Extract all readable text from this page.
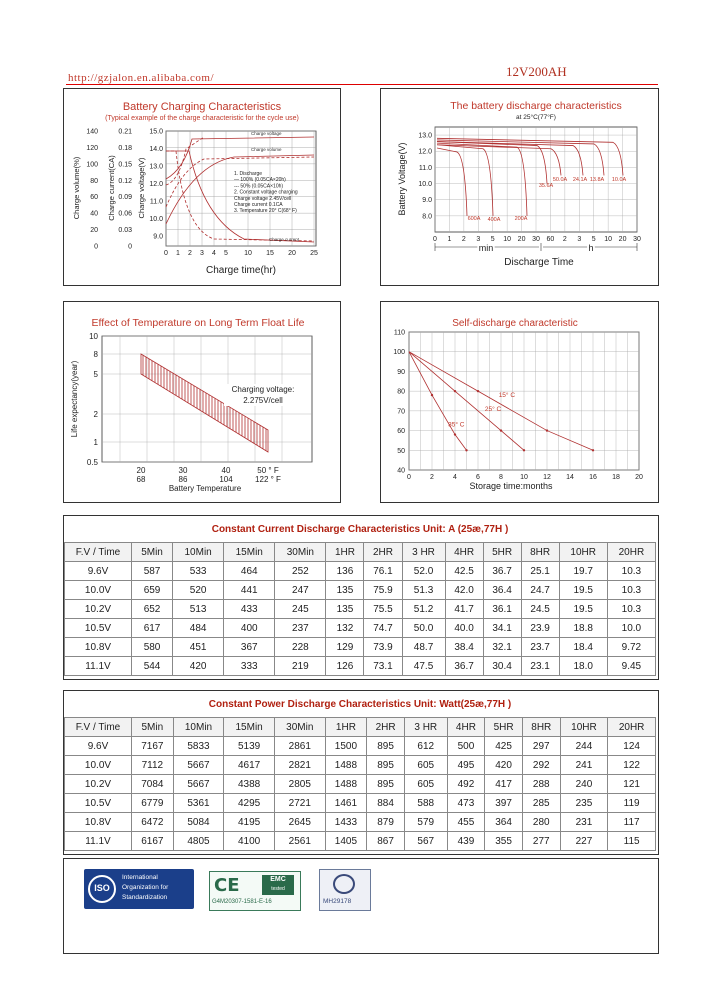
http://gzjalon.en.alibaba.com/	12V200AH
Battery Charging Characteristics
(Typical example of the charge characteristic for the cycle use)
0 1 2 3 4 5 10 15 20 25
140	0.21
120	0.18
100	0.15
80	0.12
60	0.09
40	0.06
20	0.03
0	0
15.0
14.0
13.0
12.0
11.0
10.0
9.0
Charge voltage
Charge volume
Charge current
1. Discharge
— 100% (0.05CA×20h)
--- 50% (0.05CA×10h)
2. Constant voltage charging
Charge voltage 2.45V/cell
Charge current 0.1CA
3. Temperature 20° C(68° F)
Charge time(hr)
Charge volume(%)	Charge current(CA)	Charge voltage(V)
The battery discharge characteristics
at 25°C(77°F)
0 1 2 3 5 10 20 30 60 2 3 5 10 20 30
13.0
12.0
11.0
10.0
9.0
8.0	600A 400A	200A
35.6A
50.0A 24.1A 13.8A 10.0A
min	h
Discharge Time
Battery Voltage(V)
Effect of Temperature on Long Term Float Life
10
8
5
2
1
0.5
20	30	40	50 ° F
68	86	104	122 ° F
Charging voltage:
2.275V/cell
Battery Temperature
Life expectancy(year)
Self-discharge characteristic
0	2	4	6	8 10 12 14 16 18 20
110
100
90
80
70
60
50
40
35° C
25° C
15° C
Storage time:months
Constant Current Discharge Characteristics Unit: A (25æ,77H )
F.V / Time	5Min	10Min	15Min	30Min	1HR	2HR	3 HR	4HR	5HR	8HR	10HR	20HR
9.6V	587	533	464	252	136	76.1	52.0	42.5	36.7	25.1	19.7	10.3
10.0V	659	520	441	247	135	75.9	51.3	42.0	36.4	24.7	19.5	10.3
10.2V	652	513	433	245	135	75.5	51.2	41.7	36.1	24.5	19.5	10.3
10.5V	617	484	400	237	132	74.7	50.0	40.0	34.1	23.9	18.8	10.0
10.8V	580	451	367	228	129	73.9	48.7	38.4	32.1	23.7	18.4	9.72
11.1V	544	420	333	219	126	73.1	47.5	36.7	30.4	23.1	18.0	9.45
Constant Power Discharge Characteristics Unit: Watt(25æ,77H )
F.V / Time	5Min	10Min	15Min	30Min	1HR	2HR	3 HR	4HR	5HR	8HR	10HR	20HR
9.6V	7167	5833	5139	2861	1500	895	612	500	425	297	244	124
10.0V	7112	5667	4617	2821	1488	895	605	495	420	292	241	122
10.2V	7084	5667	4388	2805	1488	895	605	492	417	288	240	121
10.5V	6779	5361	4295	2721	1461	884	588	473	397	285	235	119
10.8V	6472	5084	4195	2645	1433	879	579	455	364	280	231	117
11.1V	6167	4805	4100	2561	1405	867	567	439	355	277	227	115
ISO
International
Organization for
Standardization
CE	EMC
tested
G4M20307-1581-E-16	MH29178
